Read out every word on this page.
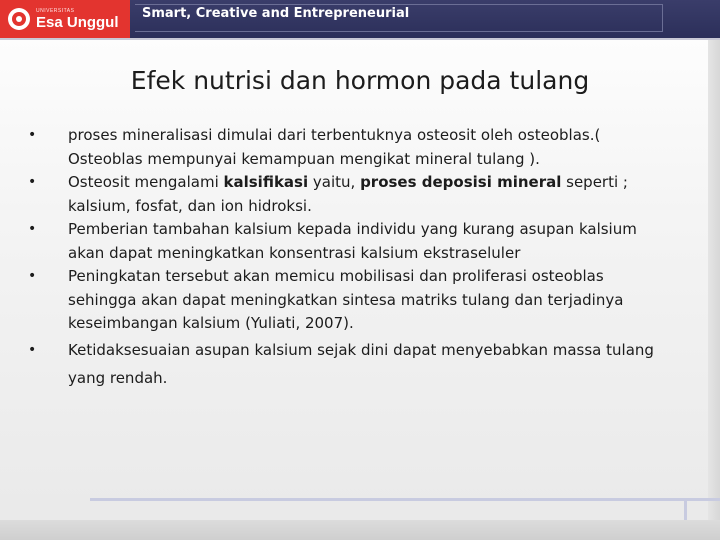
UNIVERSITAS
Esa Unggul Smart, Creative and Entrepreneurial
Efek nutrisi dan hormon pada tulang
•	proses mineralisasi dimulai dari terbentuknya osteosit oleh osteoblas.( Osteoblas mempunyai kemampuan mengikat mineral tulang ).
•	Osteosit mengalami kalsifikasi yaitu, proses deposisi mineral seperti ; kalsium, fosfat, dan ion hidroksi.
•	Pemberian tambahan kalsium kepada individu yang kurang asupan kalsium akan dapat meningkatkan konsentrasi kalsium ekstraseluler
•	Peningkatan tersebut akan memicu mobilisasi dan proliferasi osteoblas sehingga akan dapat meningkatkan sintesa matriks tulang dan terjadinya keseimbangan kalsium (Yuliati, 2007).
•	Ketidaksesuaian asupan kalsium sejak dini dapat menyebabkan massa tulang yang rendah.
